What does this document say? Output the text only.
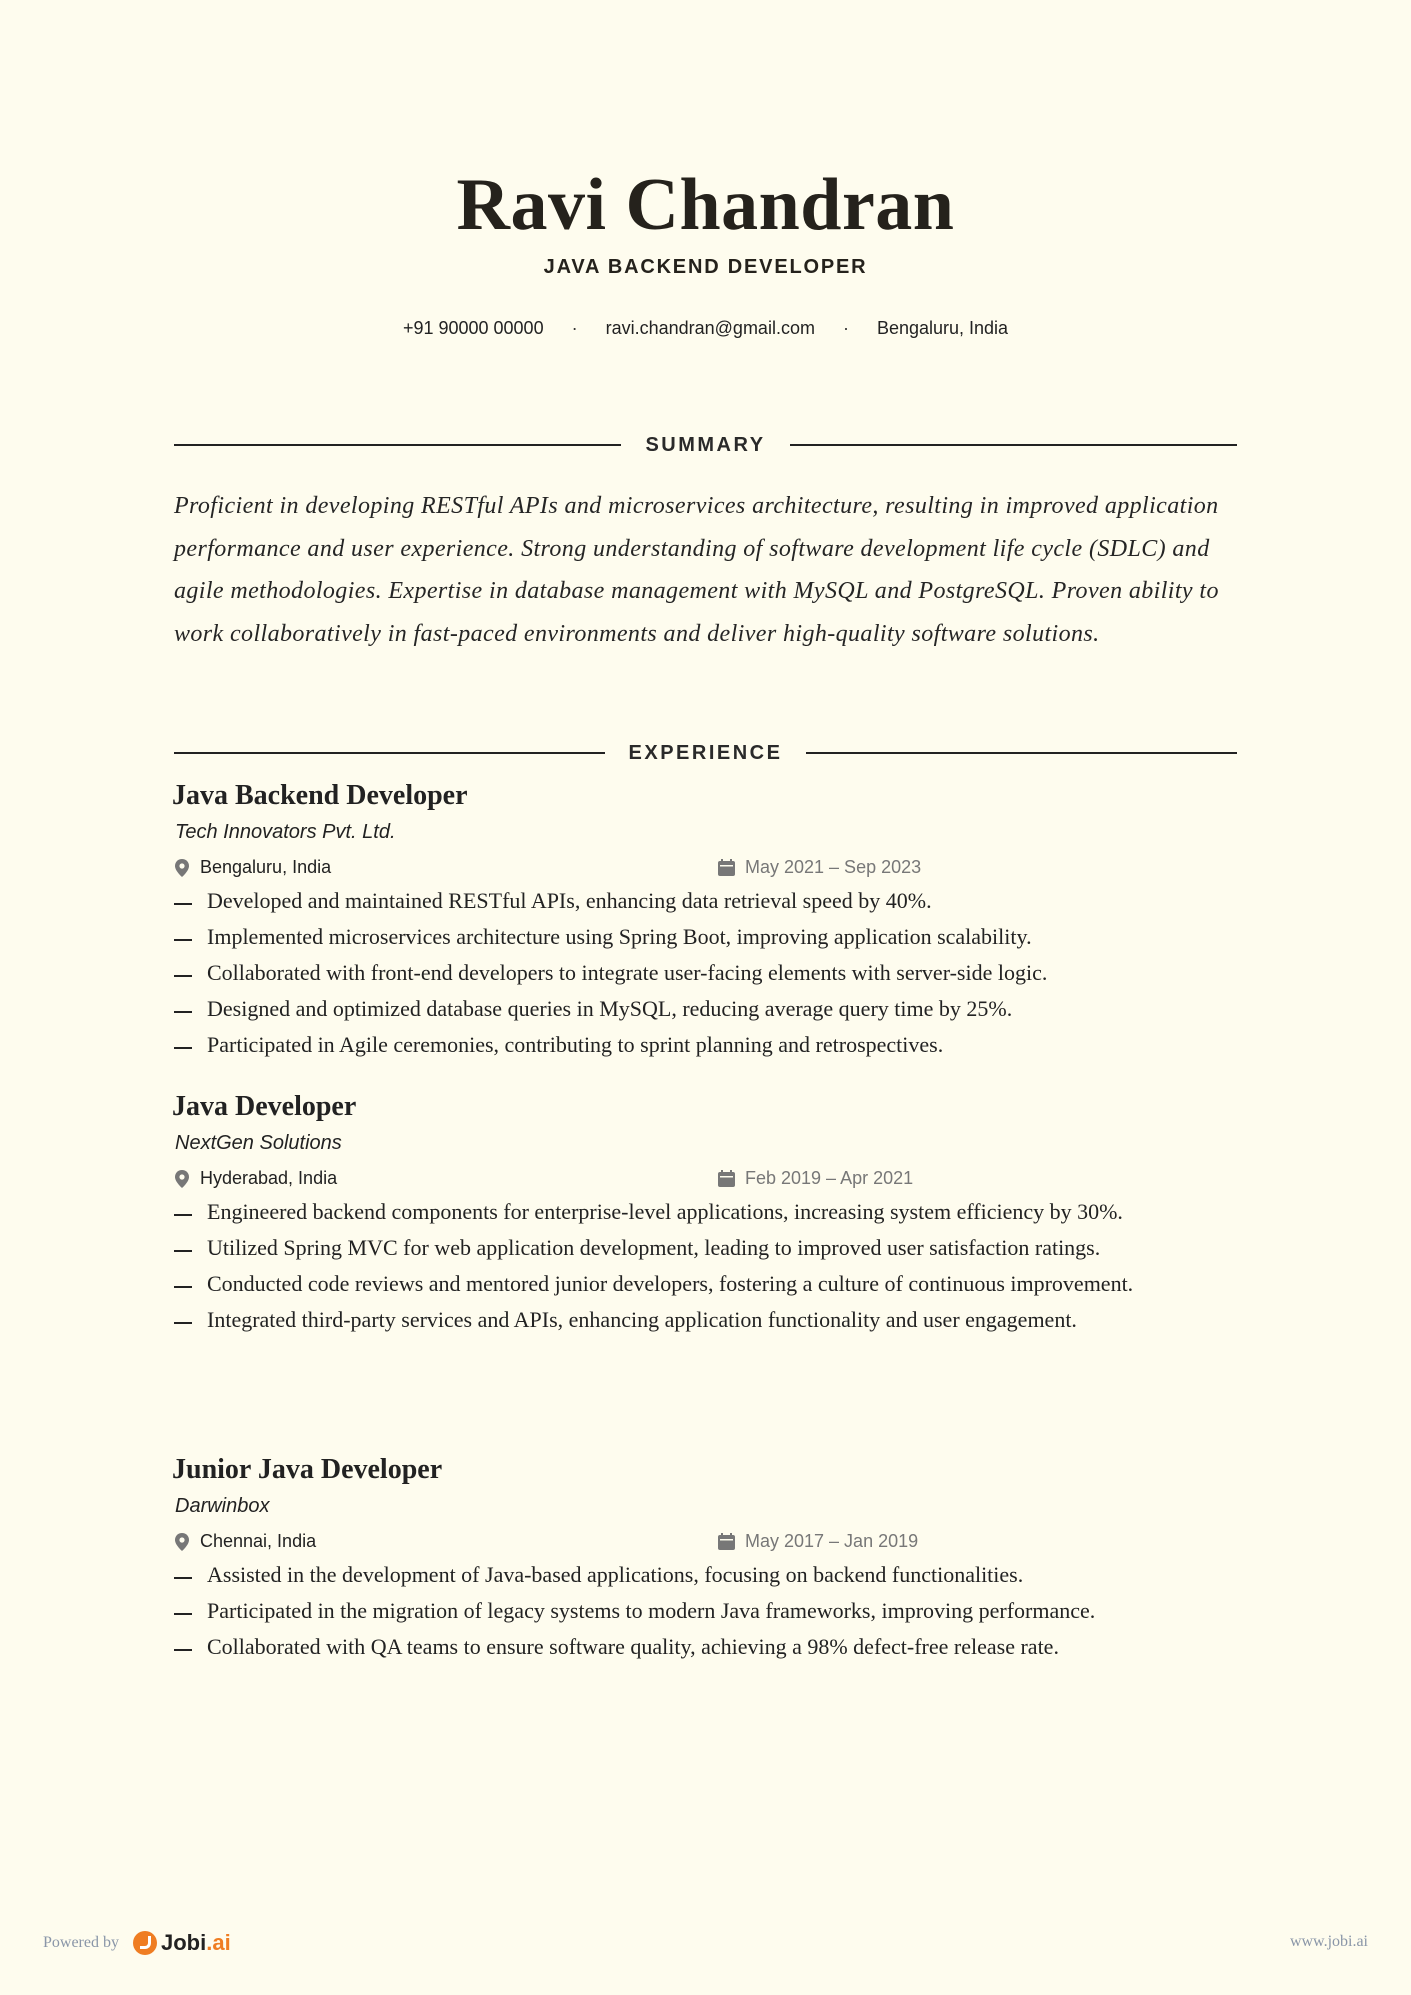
Ravi Chandran
JAVA BACKEND DEVELOPER
+91 90000 00000 · ravi.chandran@gmail.com · Bengaluru, India
SUMMARY
Proficient in developing RESTful APIs and microservices architecture, resulting in improved application performance and user experience. Strong understanding of software development life cycle (SDLC) and agile methodologies. Expertise in database management with MySQL and PostgreSQL. Proven ability to work collaboratively in fast-paced environments and deliver high-quality software solutions.
EXPERIENCE
Java Backend Developer
Tech Innovators Pvt. Ltd.
Bengaluru, India	May 2021 – Sep 2023
Developed and maintained RESTful APIs, enhancing data retrieval speed by 40%.
Implemented microservices architecture using Spring Boot, improving application scalability.
Collaborated with front-end developers to integrate user-facing elements with server-side logic.
Designed and optimized database queries in MySQL, reducing average query time by 25%.
Participated in Agile ceremonies, contributing to sprint planning and retrospectives.
Java Developer
NextGen Solutions
Hyderabad, India	Feb 2019 – Apr 2021
Engineered backend components for enterprise-level applications, increasing system efficiency by 30%.
Utilized Spring MVC for web application development, leading to improved user satisfaction ratings.
Conducted code reviews and mentored junior developers, fostering a culture of continuous improvement.
Integrated third-party services and APIs, enhancing application functionality and user engagement.
Junior Java Developer
Darwinbox
Chennai, India	May 2017 – Jan 2019
Assisted in the development of Java-based applications, focusing on backend functionalities.
Participated in the migration of legacy systems to modern Java frameworks, improving performance.
Collaborated with QA teams to ensure software quality, achieving a 98% defect-free release rate.
Powered by Jobi .ai	www.jobi.ai
